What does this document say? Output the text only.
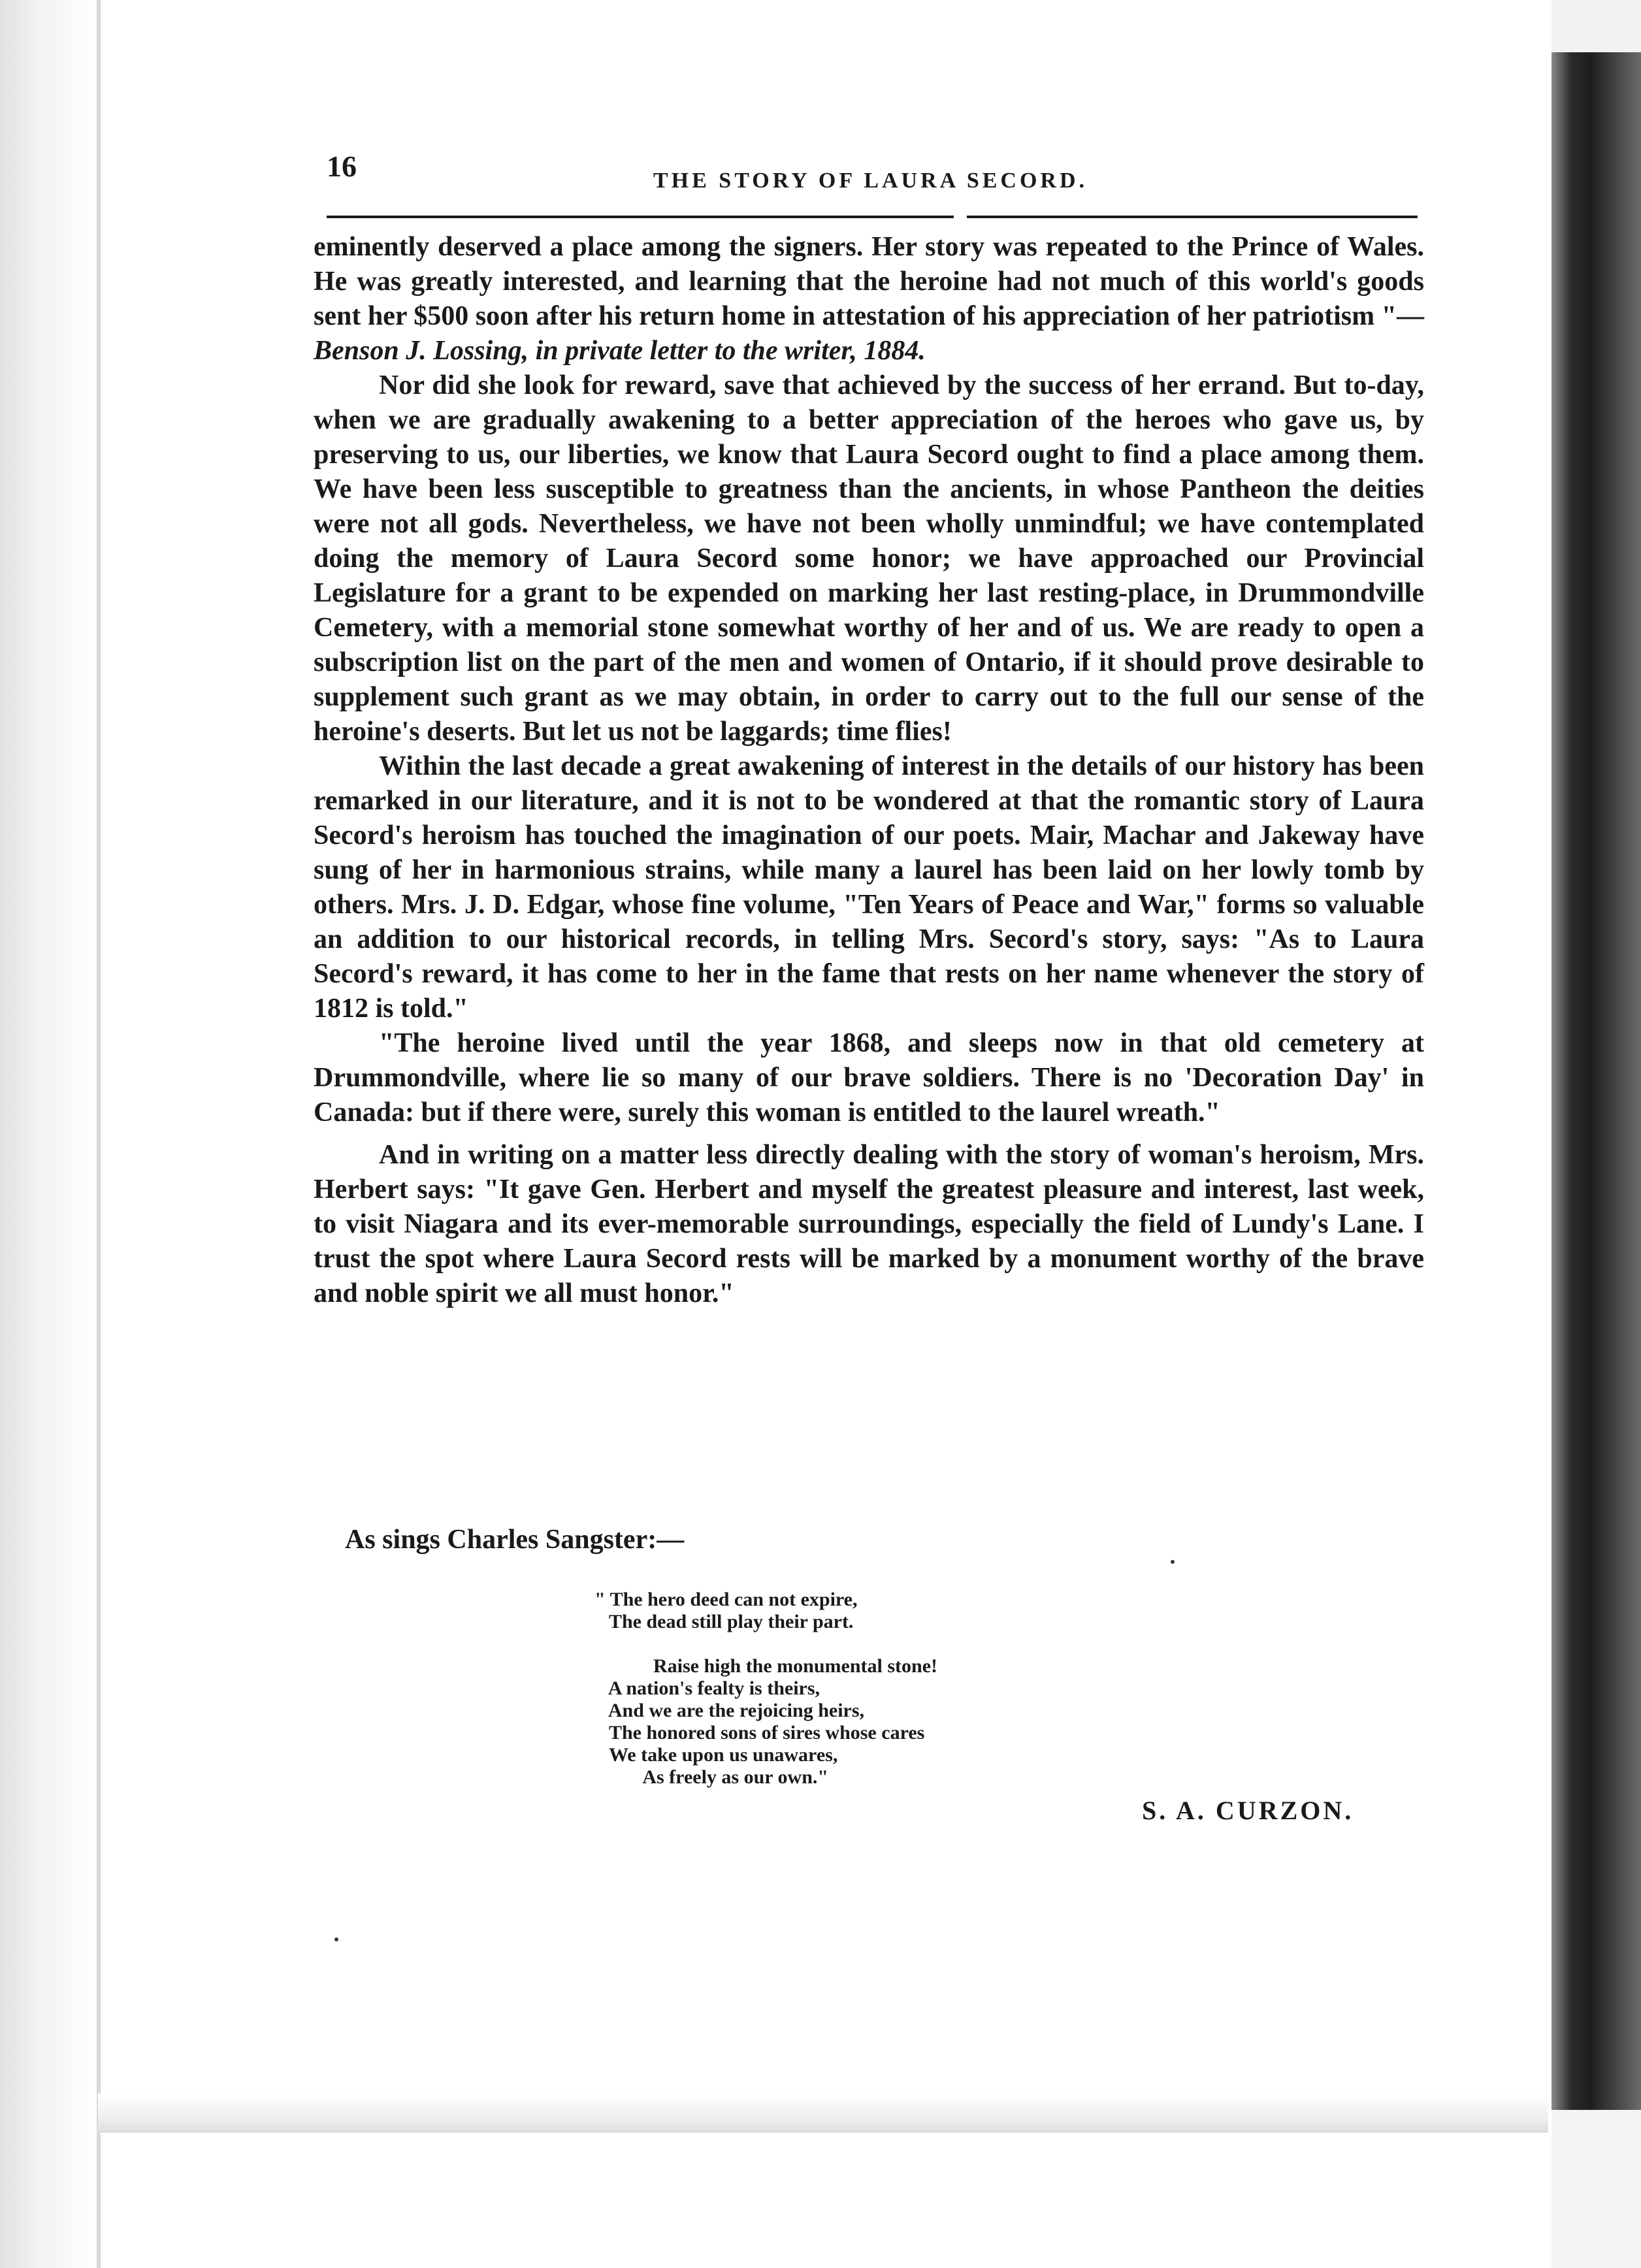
16	THE STORY OF LAURA SECORD.

eminently deserved a place among the signers. Her story was repeated to the Prince of Wales. He was greatly interested, and learning that the heroine had not much of this world's goods sent her $500 soon after his return home in attestation of his appreciation of her patriotism "—Benson J. Lossing, in private letter to the writer, 1884.

Nor did she look for reward, save that achieved by the success of her errand. But to-day, when we are gradually awakening to a better appreciation of the heroes who gave us, by preserving to us, our liberties, we know that Laura Secord ought to find a place among them. We have been less susceptible to greatness than the ancients, in whose Pantheon the deities were not all gods. Nevertheless, we have not been wholly unmindful; we have contemplated doing the memory of Laura Secord some honor; we have approached our Provincial Legislature for a grant to be expended on marking her last resting-place, in Drummondville Cemetery, with a memorial stone somewhat worthy of her and of us. We are ready to open a subscription list on the part of the men and women of Ontario, if it should prove desirable to supplement such grant as we may obtain, in order to carry out to the full our sense of the heroine's deserts. But let us not be laggards; time flies!

Within the last decade a great awakening of interest in the details of our history has been remarked in our literature, and it is not to be wondered at that the romantic story of Laura Secord's heroism has touched the imagination of our poets. Mair, Machar and Jakeway have sung of her in harmonious strains, while many a laurel has been laid on her lowly tomb by others. Mrs. J. D. Edgar, whose fine volume, "Ten Years of Peace and War," forms so valuable an addition to our historical records, in telling Mrs. Secord's story, says: "As to Laura Secord's reward, it has come to her in the fame that rests on her name whenever the story of 1812 is told."

"The heroine lived until the year 1868, and sleeps now in that old cemetery at Drummondville, where lie so many of our brave soldiers. There is no 'Decoration Day' in Canada: but if there were, surely this woman is entitled to the laurel wreath."

And in writing on a matter less directly dealing with the story of woman's heroism, Mrs. Herbert says: "It gave Gen. Herbert and myself the greatest pleasure and interest, last week, to visit Niagara and its ever-memorable surroundings, especially the field of Lundy's Lane. I trust the spot where Laura Secord rests will be marked by a monument worthy of the brave and noble spirit we all must honor."

As sings Charles Sangster:—
" The hero deed can not expire,
The dead still play their part.
Raise high the monumental stone!
A nation's fealty is theirs,
And we are the rejoicing heirs,
The honored sons of sires whose cares
We take upon us unawares,
As freely as our own."
S. A. CURZON.
